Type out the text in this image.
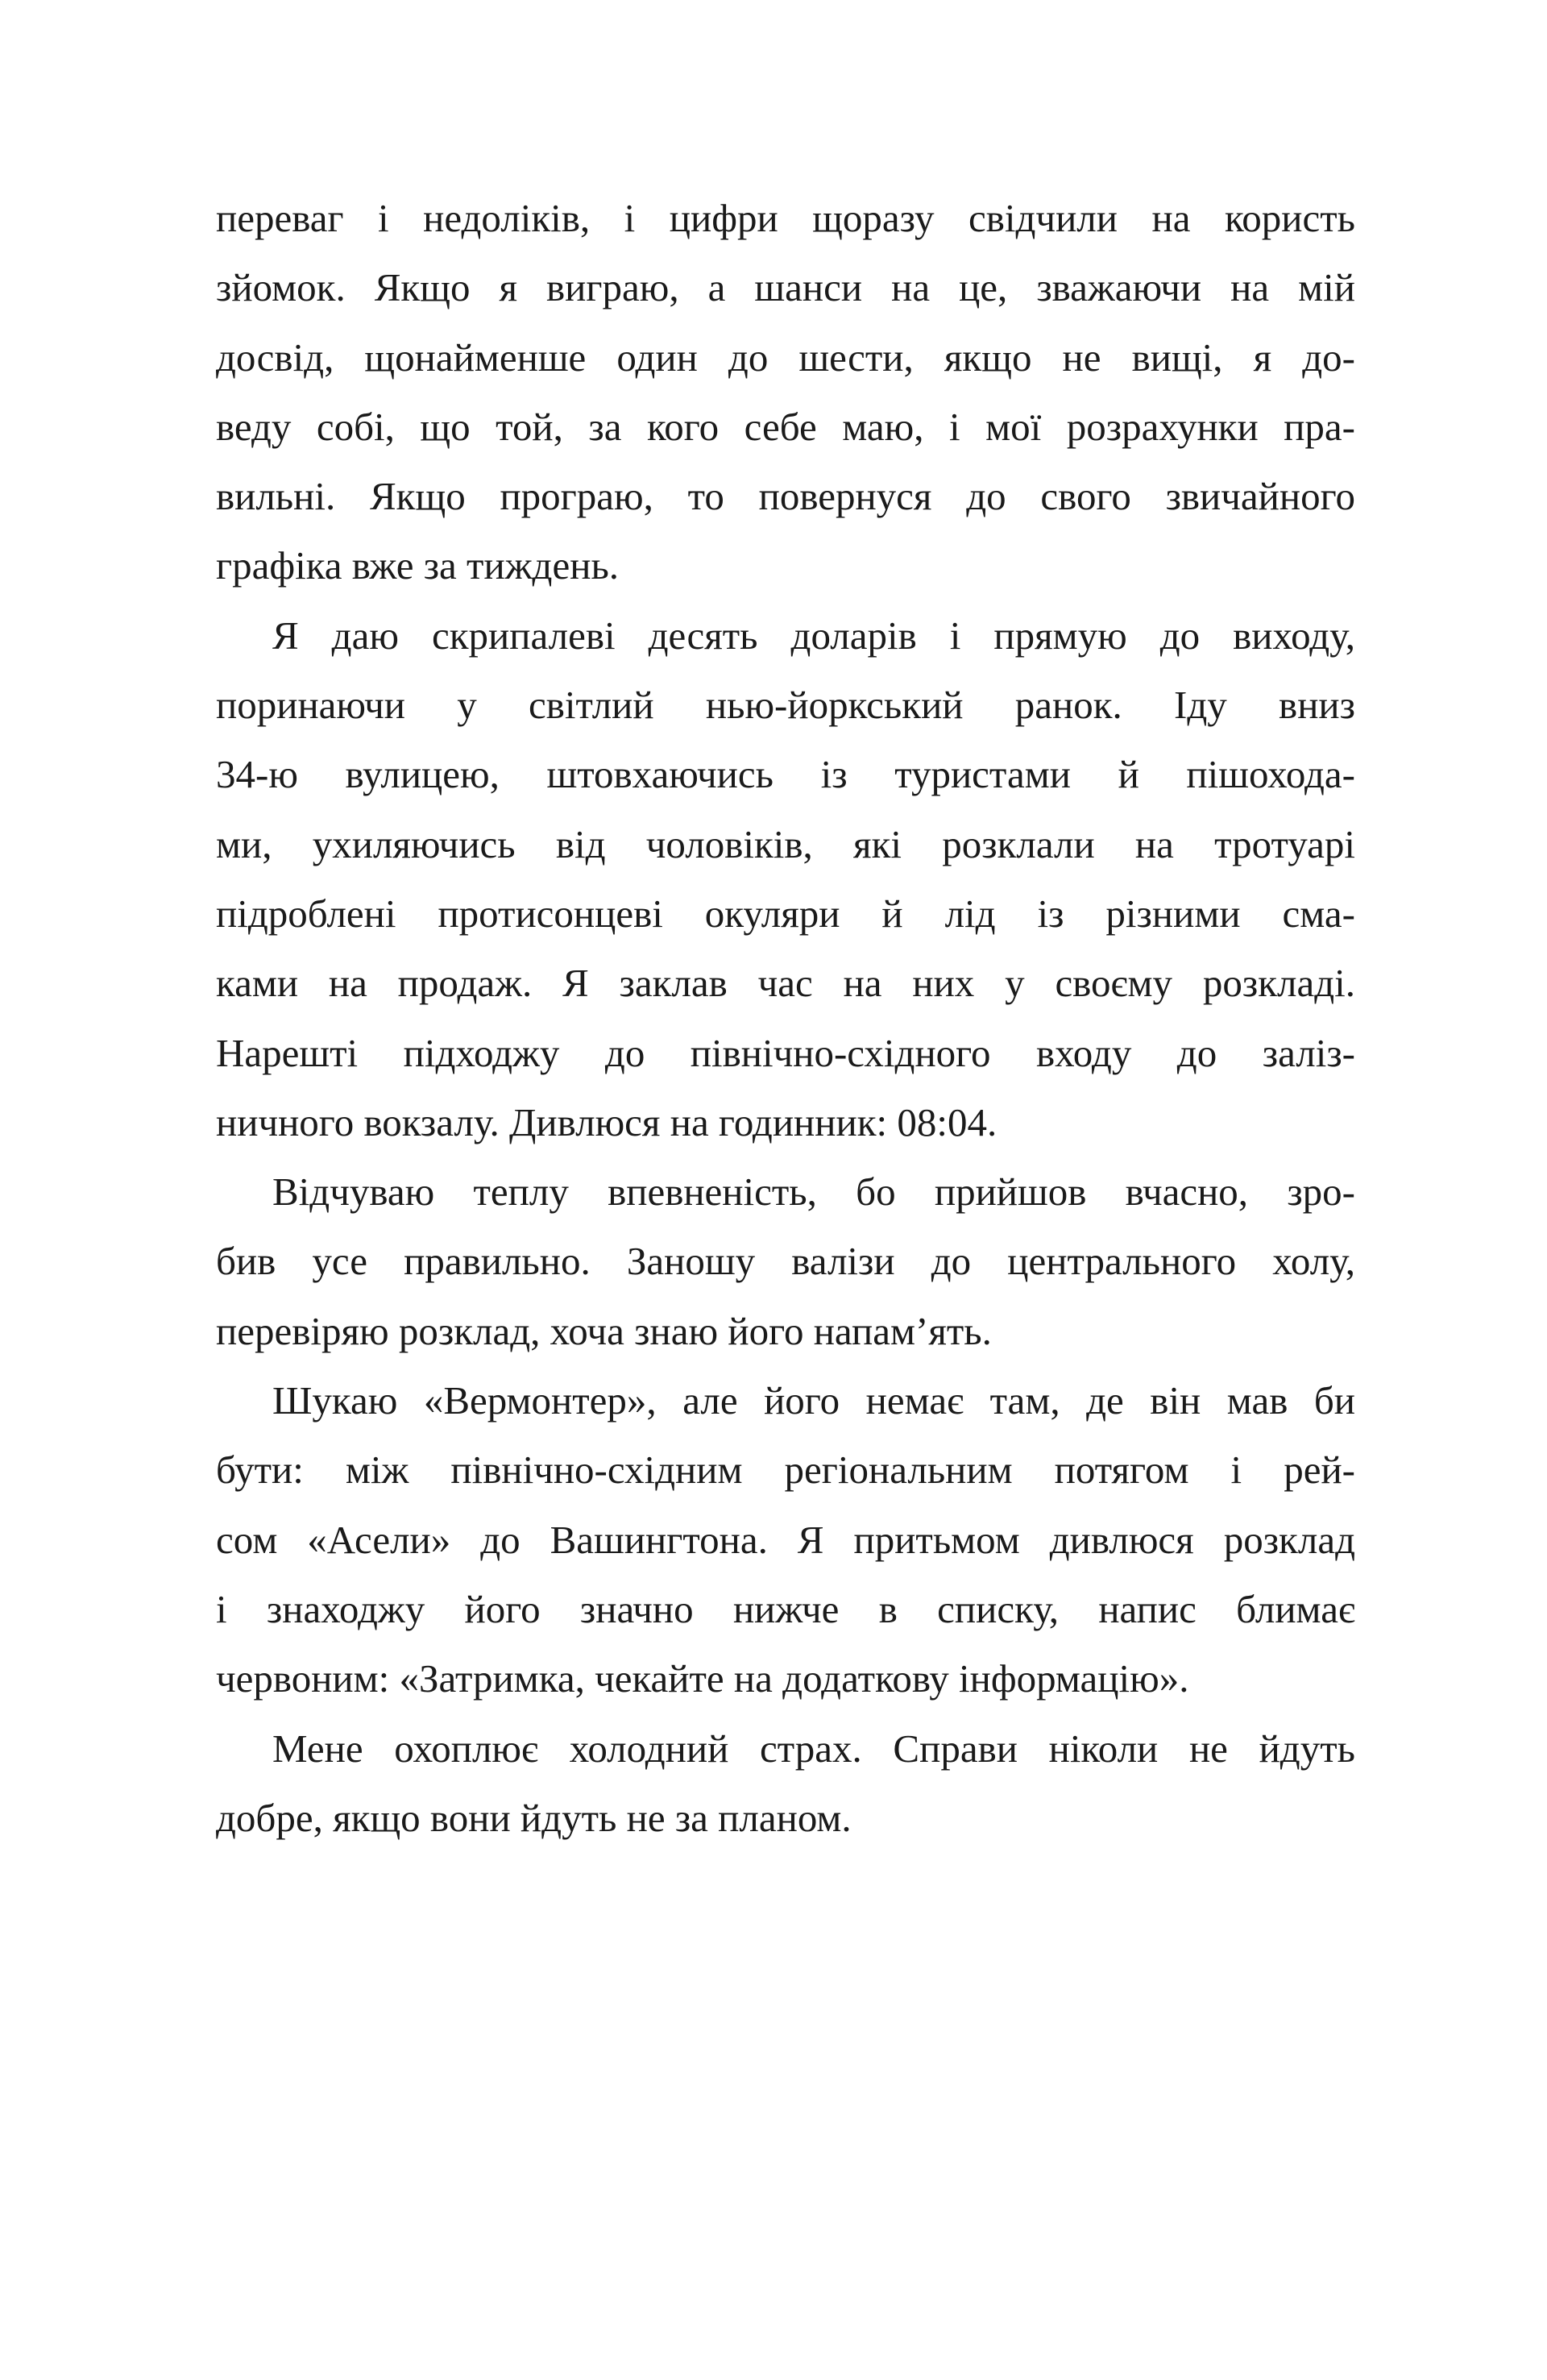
переваг і недоліків, і цифри щоразу свідчили на користь
зйомок. Якщо я виграю, а шанси на це, зважаючи на мій
досвід, щонайменше один до шести, якщо не вищі, я до-
веду собі, що той, за кого себе маю, і мої розрахунки пра-
вильні. Якщо програю, то повернуся до свого звичайного
графіка вже за тиждень.
Я даю скрипалеві десять доларів і прямую до виходу,
поринаючи у світлий нью-йоркський ранок. Іду вниз
34-ю вулицею, штовхаючись із туристами й пішохода-
ми, ухиляючись від чоловіків, які розклали на тротуарі
підроблені протисонцеві окуляри й лід із різними сма-
ками на продаж. Я заклав час на них у своєму розкладі.
Нарешті підходжу до північно-східного входу до заліз-
ничного вокзалу. Дивлюся на годинник: 08:04.
Відчуваю теплу впевненість, бо прийшов вчасно, зро-
бив усе правильно. Заношу валізи до центрального холу,
перевіряю розклад, хоча знаю його напам’ять.
Шукаю «Вермонтер», але його немає там, де він мав би
бути: між північно-східним регіональним потягом і рей-
сом «Асели» до Вашингтона. Я притьмом дивлюся розклад
і знаходжу його значно нижче в списку, напис блимає
червоним: «Затримка, чекайте на додаткову інформацію».
Мене охоплює холодний страх. Справи ніколи не йдуть
добре, якщо вони йдуть не за планом.
